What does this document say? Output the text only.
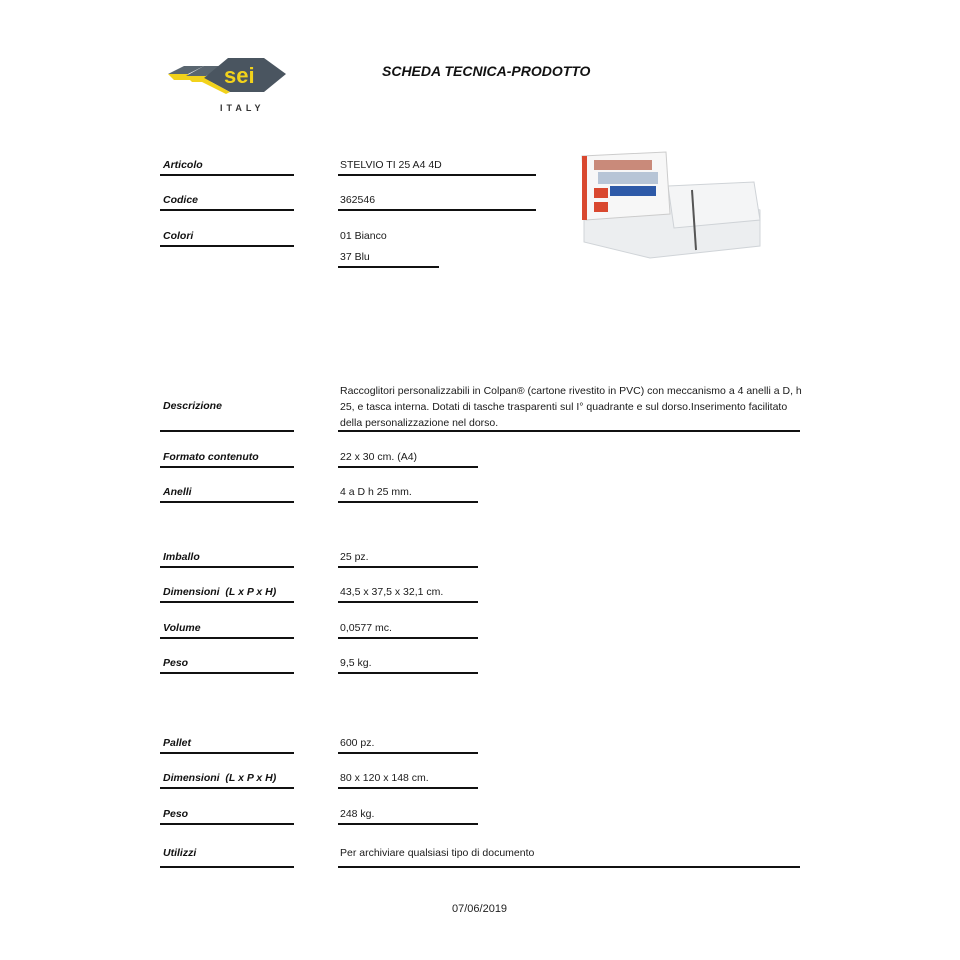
sei
ITALY
SCHEDA TECNICA-PRODOTTO
Articolo	STELVIO TI 25 A4 4D
Codice	362546
Colori	01 Bianco
37 Blu
Descrizione
Raccoglitori personalizzabili in Colpan® (cartone rivestito in PVC) con meccanismo a 4 anelli a D, h 25, e tasca interna. Dotati di tasche trasparenti sul I° quadrante e sul dorso.Inserimento facilitato della personalizzazione nel dorso.
Formato contenuto	22 x 30 cm. (A4)
Anelli	4 a D h 25 mm.
Imballo	25 pz.
Dimensioni  (L x P x H)	43,5 x 37,5 x 32,1 cm.
Volume	0,0577 mc.
Peso	9,5 kg.
Pallet	600 pz.
Dimensioni  (L x P x H)	80 x 120 x 148 cm.
Peso	248 kg.
Utilizzi	Per archiviare qualsiasi tipo di documento
07/06/2019
